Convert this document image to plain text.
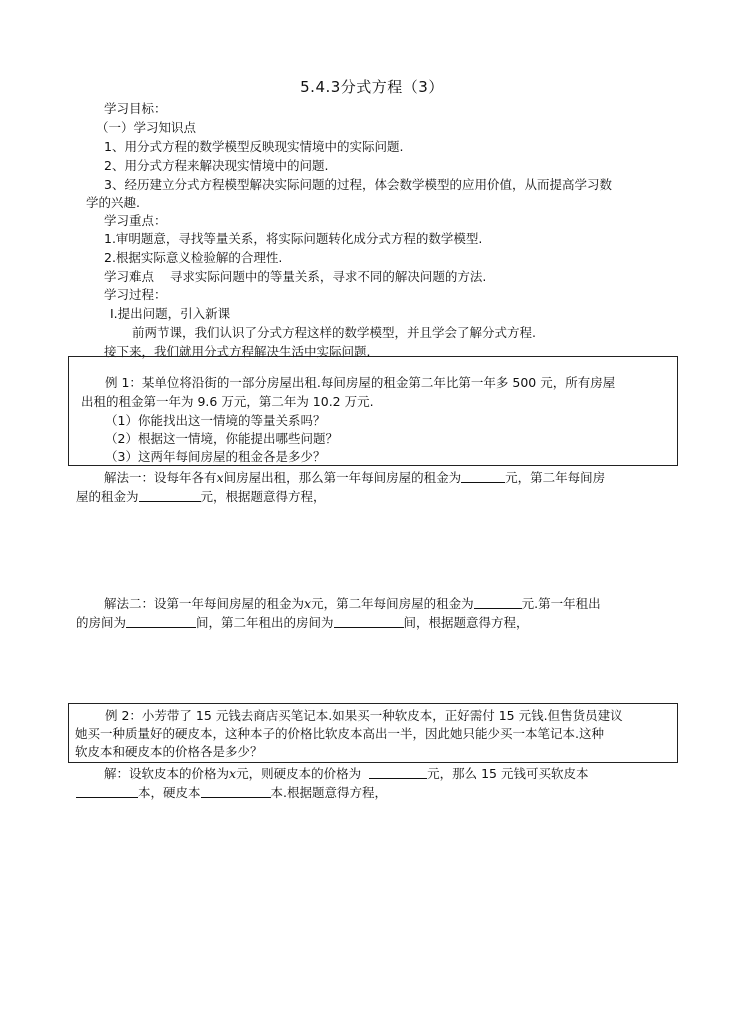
5.4.3分式方程（3）
学习目标：
（一）学习知识点
1、用分式方程的数学模型反映现实情境中的实际问题.
2、用分式方程来解决现实情境中的问题.
3、经历建立分式方程模型解决实际问题的过程，体会数学模型的应用价值，从而提高学习数
学的兴趣.
学习重点：
1.审明题意，寻找等量关系，将实际问题转化成分式方程的数学模型.
2.根据实际意义检验解的合理性.
学习难点    寻求实际问题中的等量关系，寻求不同的解决问题的方法.
学习过程：
Ⅰ.提出问题，引入新课
前两节课，我们认识了分式方程这样的数学模型，并且学会了解分式方程.
接下来，我们就用分式方程解决生活中实际问题.
例 1：某单位将沿街的一部分房屋出租.每间房屋的租金第二年比第一年多 500 元，所有房屋
出租的租金第一年为 9.6 万元，第二年为 10.2 万元.
（1）你能找出这一情境的等量关系吗？
（2）根据这一情境，你能提出哪些问题？
（3）这两年每间房屋的租金各是多少？
解法一：设每年各有x间房屋出租，那么第一年每间房屋的租金为	元，第二年每间房
屋的租金为	元，根据题意得方程，
解法二：设第一年每间房屋的租金为x元，第二年每间房屋的租金为	元.第一年租出
的房间为	间，第二年租出的房间为	间，根据题意得方程，
例 2：小芳带了 15 元钱去商店买笔记本.如果买一种软皮本，正好需付 15 元钱.但售货员建议
她买一种质量好的硬皮本，这种本子的价格比软皮本高出一半，因此她只能少买一本笔记本.这种
软皮本和硬皮本的价格各是多少？
解：设软皮本的价格为x元，则硬皮本的价格为	元，那么 15 元钱可买软皮本
本，硬皮本	本.根据题意得方程，
